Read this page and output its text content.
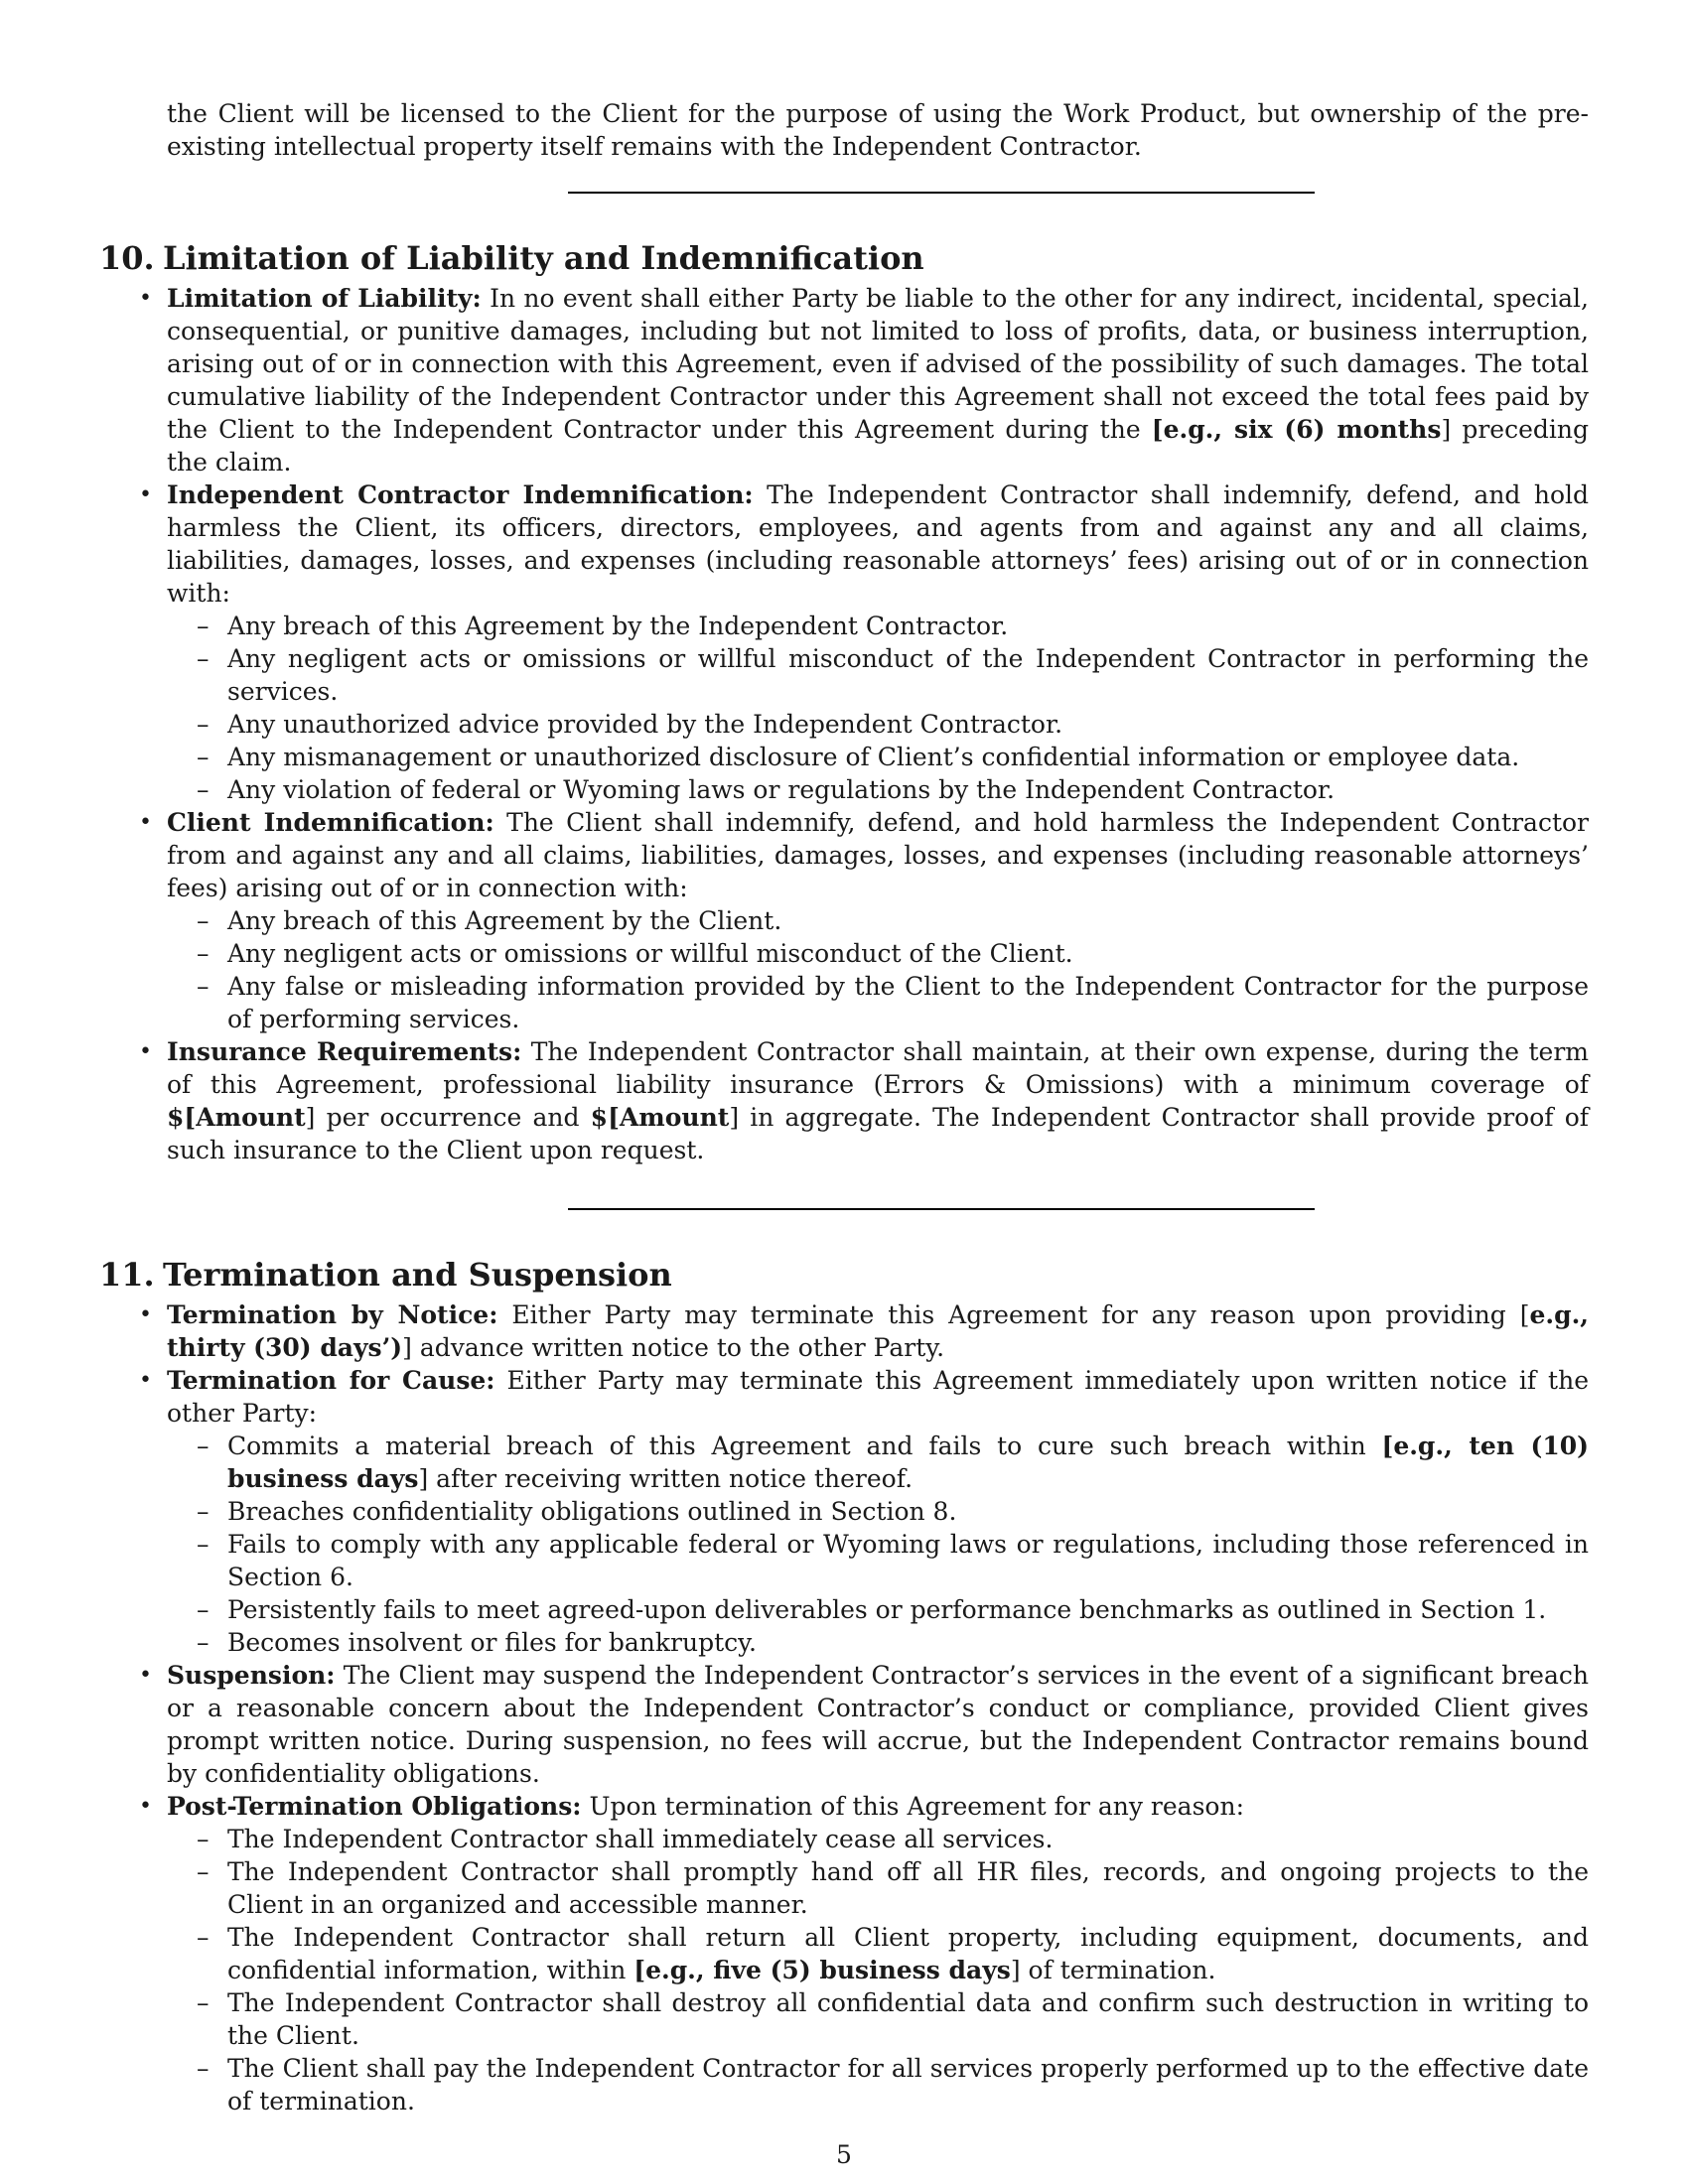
the Client will be licensed to the Client for the purpose of using the Work Product, but ownership of the pre-existing intellectual property itself remains with the Independent Contractor.

10. Limitation of Liability and Indemnification
• Limitation of Liability: In no event shall either Party be liable to the other for any indirect, incidental, special, consequential, or punitive damages, including but not limited to loss of profits, data, or business interruption, arising out of or in connection with this Agreement, even if advised of the possibility of such damages. The total cumulative liability of the Independent Contractor under this Agreement shall not exceed the total fees paid by the Client to the Independent Contractor under this Agreement during the [e.g., six (6) months] preceding the claim.
• Independent Contractor Indemnification: The Independent Contractor shall indemnify, defend, and hold harmless the Client, its officers, directors, employees, and agents from and against any and all claims, liabilities, damages, losses, and expenses (including reasonable attorneys’ fees) arising out of or in connection with:
– Any breach of this Agreement by the Independent Contractor.
– Any negligent acts or omissions or willful misconduct of the Independent Contractor in performing the services.
– Any unauthorized advice provided by the Independent Contractor.
– Any mismanagement or unauthorized disclosure of Client’s confidential information or employee data.
– Any violation of federal or Wyoming laws or regulations by the Independent Contractor.
• Client Indemnification: The Client shall indemnify, defend, and hold harmless the Independent Contractor from and against any and all claims, liabilities, damages, losses, and expenses (including reasonable attorneys’ fees) arising out of or in connection with:
– Any breach of this Agreement by the Client.
– Any negligent acts or omissions or willful misconduct of the Client.
– Any false or misleading information provided by the Client to the Independent Contractor for the purpose of performing services.
• Insurance Requirements: The Independent Contractor shall maintain, at their own expense, during the term of this Agreement, professional liability insurance (Errors & Omissions) with a minimum coverage of $[Amount] per occurrence and $[Amount] in aggregate. The Independent Contractor shall provide proof of such insurance to the Client upon request.
11. Termination and Suspension
• Termination by Notice: Either Party may terminate this Agreement for any reason upon providing [e.g., thirty (30) days’)] advance written notice to the other Party.
• Termination for Cause: Either Party may terminate this Agreement immediately upon written notice if the other Party:
– Commits a material breach of this Agreement and fails to cure such breach within [e.g., ten (10) business days] after receiving written notice thereof.
– Breaches confidentiality obligations outlined in Section 8.
– Fails to comply with any applicable federal or Wyoming laws or regulations, including those referenced in Section 6.
– Persistently fails to meet agreed-upon deliverables or performance benchmarks as outlined in Section 1.
– Becomes insolvent or files for bankruptcy.
• Suspension: The Client may suspend the Independent Contractor’s services in the event of a significant breach or a reasonable concern about the Independent Contractor’s conduct or compliance, provided Client gives prompt written notice. During suspension, no fees will accrue, but the Independent Contractor remains bound by confidentiality obligations.
• Post-Termination Obligations: Upon termination of this Agreement for any reason:
– The Independent Contractor shall immediately cease all services.
– The Independent Contractor shall promptly hand off all HR files, records, and ongoing projects to the Client in an organized and accessible manner.
– The Independent Contractor shall return all Client property, including equipment, documents, and confidential information, within [e.g., five (5) business days] of termination.
– The Independent Contractor shall destroy all confidential data and confirm such destruction in writing to the Client.
– The Client shall pay the Independent Contractor for all services properly performed up to the effective date of termination.
5
